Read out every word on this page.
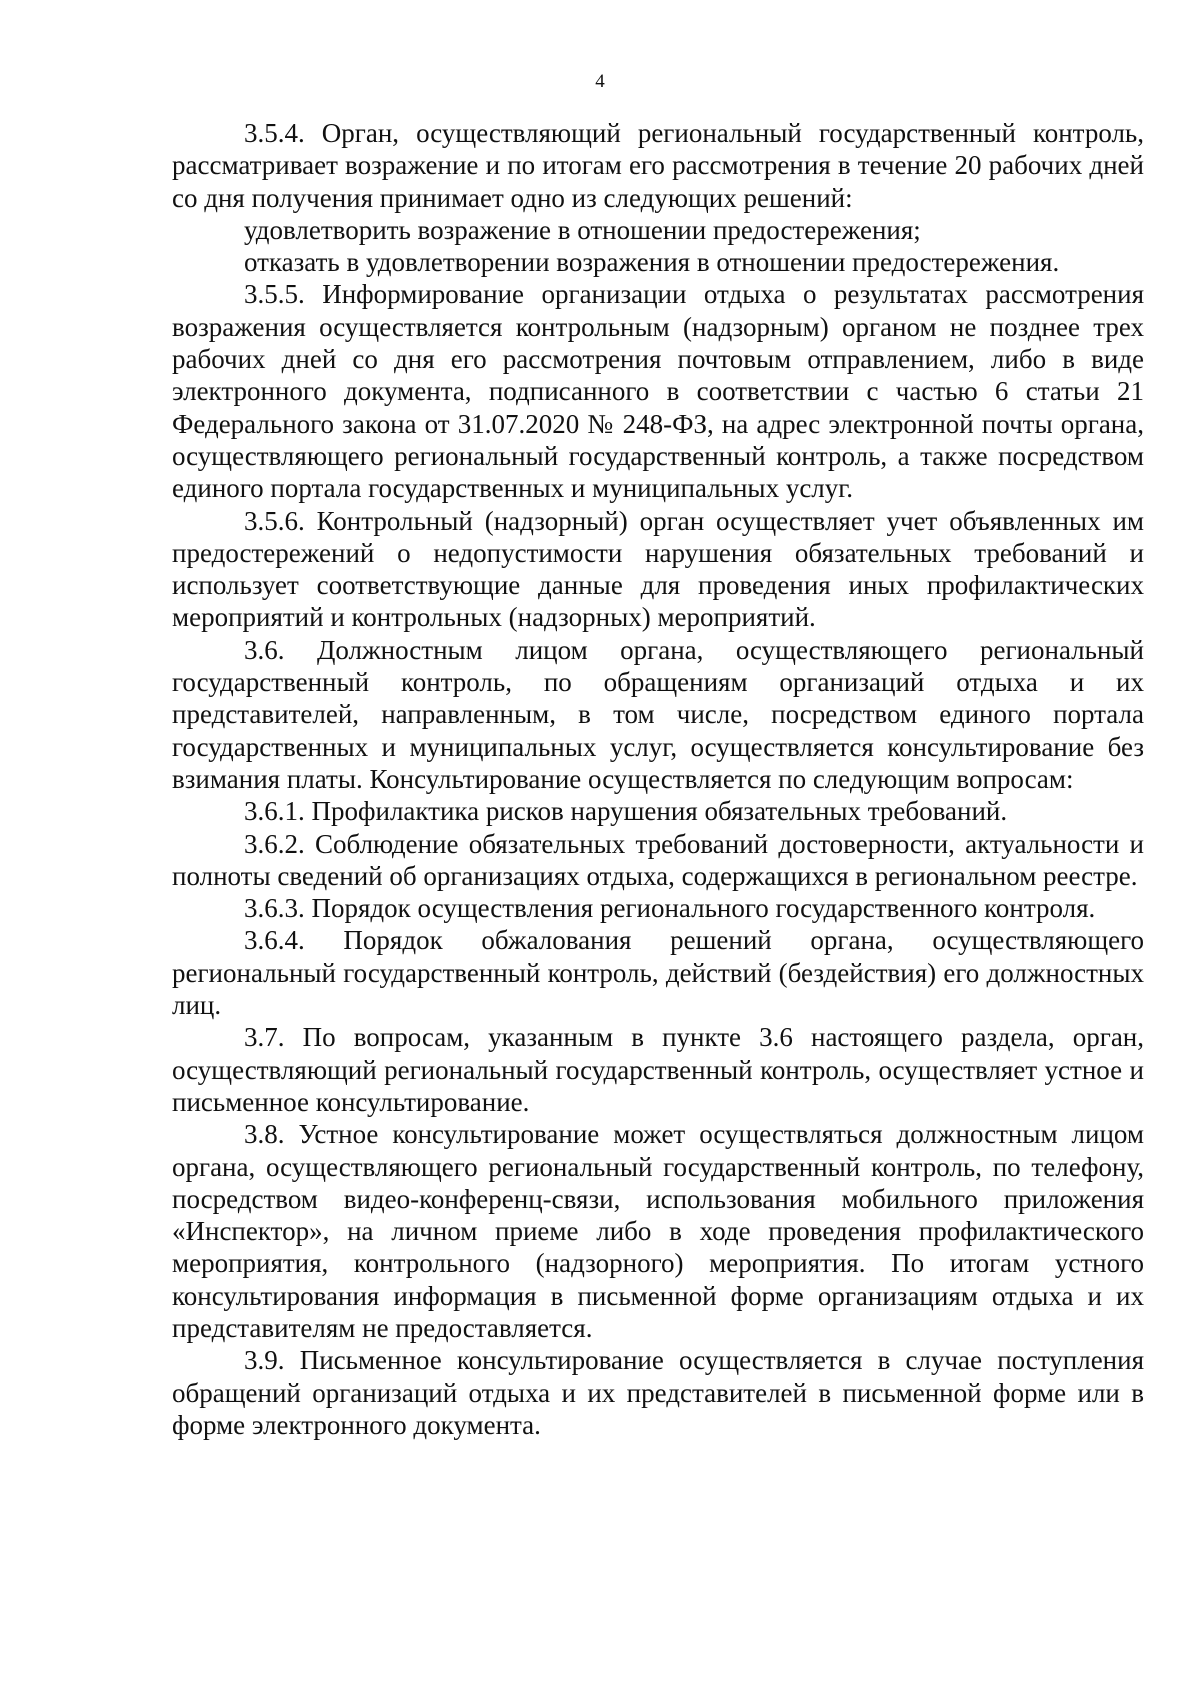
4

3.5.4. Орган, осуществляющий региональный государственный контроль, рассматривает возражение и по итогам его рассмотрения в течение 20 рабочих дней со дня получения принимает одно из следующих решений:

удовлетворить возражение в отношении предостережения;

отказать в удовлетворении возражения в отношении предостережения.

3.5.5. Информирование организации отдыха о результатах рассмотрения возражения осуществляется контрольным (надзорным) органом не позднее трех рабочих дней со дня его рассмотрения почтовым отправлением, либо в виде электронного документа, подписанного в соответствии с частью 6 статьи 21 Федерального закона от 31.07.2020 № 248-ФЗ, на адрес электронной почты органа, осуществляющего региональный государственный контроль, а также посредством единого портала государственных и муниципальных услуг.

3.5.6. Контрольный (надзорный) орган осуществляет учет объявленных им предостережений о недопустимости нарушения обязательных требований и использует соответствующие данные для проведения иных профилактических мероприятий и контрольных (надзорных) мероприятий.

3.6. Должностным лицом органа, осуществляющего региональный государственный контроль, по обращениям организаций отдыха и их представителей, направленным, в том числе, посредством единого портала государственных и муниципальных услуг, осуществляется консультирование без взимания платы. Консультирование осуществляется по следующим вопросам:

3.6.1. Профилактика рисков нарушения обязательных требований.

3.6.2. Соблюдение обязательных требований достоверности, актуальности и полноты сведений об организациях отдыха, содержащихся в региональном реестре.

3.6.3. Порядок осуществления регионального государственного контроля.

3.6.4. Порядок обжалования решений органа, осуществляющего региональный государственный контроль, действий (бездействия) его должностных лиц.

3.7. По вопросам, указанным в пункте 3.6 настоящего раздела, орган, осуществляющий региональный государственный контроль, осуществляет устное и письменное консультирование.

3.8. Устное консультирование может осуществляться должностным лицом органа, осуществляющего региональный государственный контроль, по телефону, посредством видео-конференц-связи, использования мобильного приложения «Инспектор», на личном приеме либо в ходе проведения профилактического мероприятия, контрольного (надзорного) мероприятия. По итогам устного консультирования информация в письменной форме организациям отдыха и их представителям не предоставляется.

3.9. Письменное консультирование осуществляется в случае поступления обращений организаций отдыха и их представителей в письменной форме или в форме электронного документа.
